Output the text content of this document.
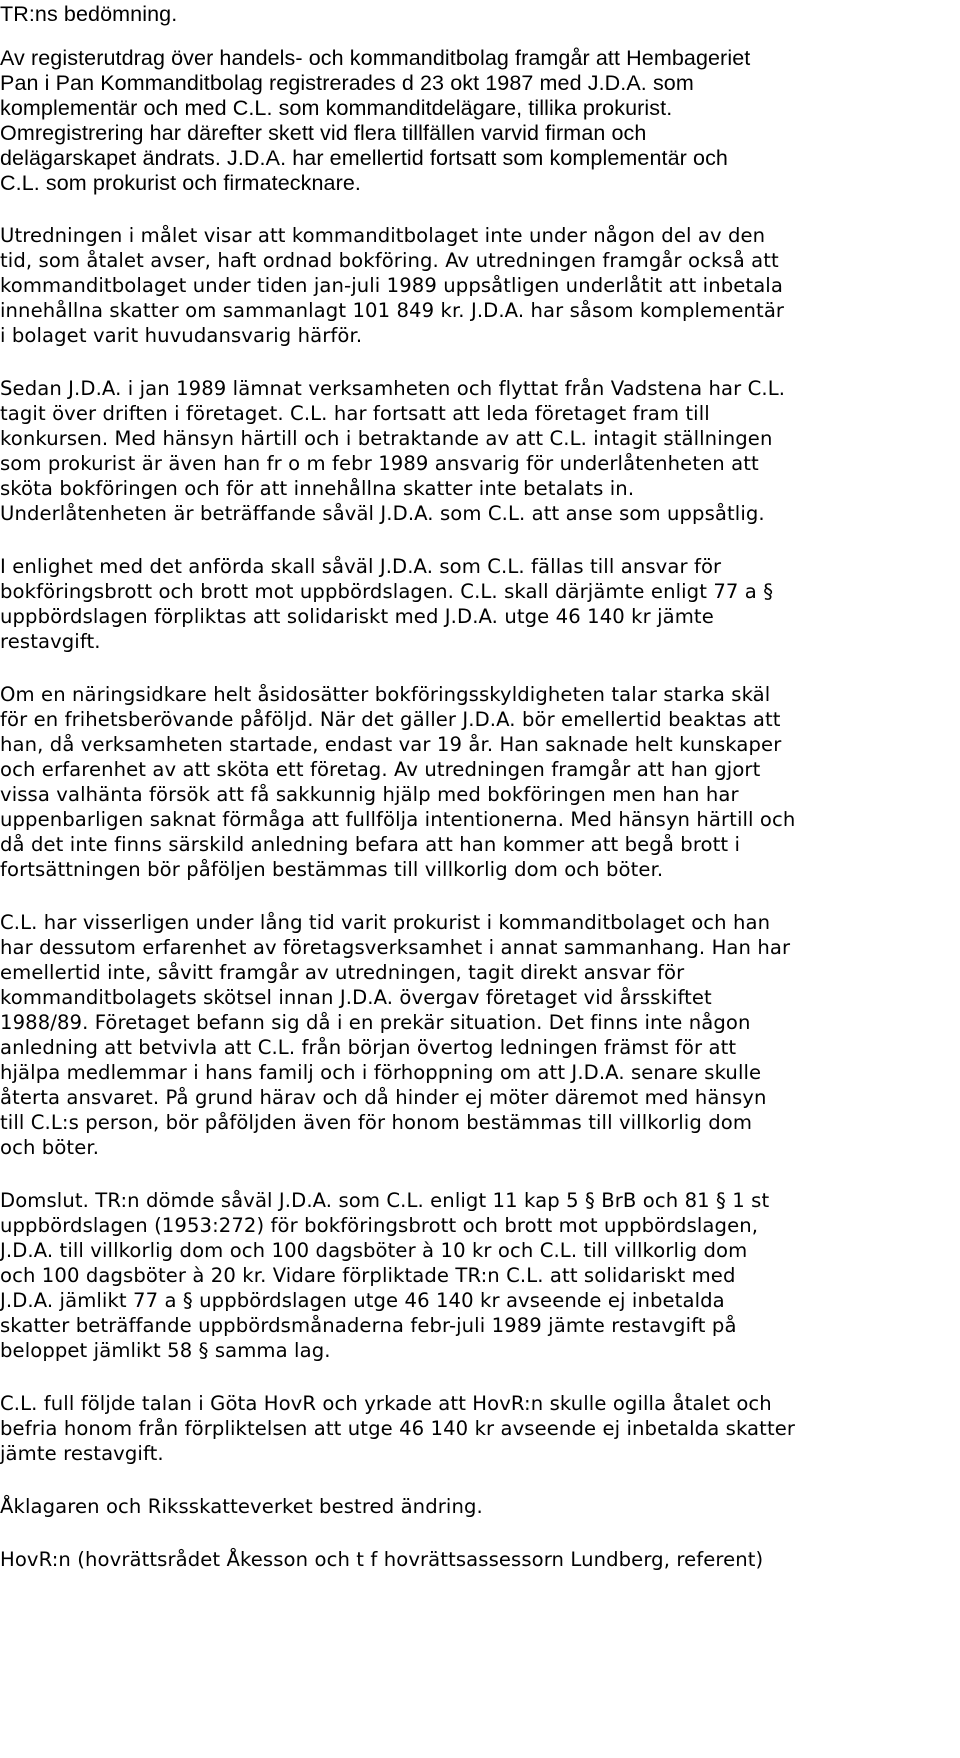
TR:ns bedömning.
Av registerutdrag över handels- och kommanditbolag framgår att Hembageriet
Pan i Pan Kommanditbolag registrerades d 23 okt 1987 med J.D.A. som
komplementär och med C.L. som kommanditdelägare, tillika prokurist.
Omregistrering har därefter skett vid flera tillfällen varvid firman och
delägarskapet ändrats. J.D.A. har emellertid fortsatt som komplementär och
C.L. som prokurist och firmatecknare.
Utredningen i målet visar att kommanditbolaget inte under någon del av den
tid, som åtalet avser, haft ordnad bokföring. Av utredningen framgår också att
kommanditbolaget under tiden jan-juli 1989 uppsåtligen underlåtit att inbetala
innehållna skatter om sammanlagt 101 849 kr. J.D.A. har såsom komplementär
i bolaget varit huvudansvarig härför.
Sedan J.D.A. i jan 1989 lämnat verksamheten och flyttat från Vadstena har C.L.
tagit över driften i företaget. C.L. har fortsatt att leda företaget fram till
konkursen. Med hänsyn härtill och i betraktande av att C.L. intagit ställningen
som prokurist är även han fr o m febr 1989 ansvarig för underlåtenheten att
sköta bokföringen och för att innehållna skatter inte betalats in.
Underlåtenheten är beträffande såväl J.D.A. som C.L. att anse som uppsåtlig.
I enlighet med det anförda skall såväl J.D.A. som C.L. fällas till ansvar för
bokföringsbrott och brott mot uppbördslagen. C.L. skall därjämte enligt 77 a §
uppbördslagen förpliktas att solidariskt med J.D.A. utge 46 140 kr jämte
restavgift.
Om en näringsidkare helt åsidosätter bokföringsskyldigheten talar starka skäl
för en frihetsberövande påföljd. När det gäller J.D.A. bör emellertid beaktas att
han, då verksamheten startade, endast var 19 år. Han saknade helt kunskaper
och erfarenhet av att sköta ett företag. Av utredningen framgår att han gjort
vissa valhänta försök att få sakkunnig hjälp med bokföringen men han har
uppenbarligen saknat förmåga att fullfölja intentionerna. Med hänsyn härtill och
då det inte finns särskild anledning befara att han kommer att begå brott i
fortsättningen bör påföljen bestämmas till villkorlig dom och böter.
C.L. har visserligen under lång tid varit prokurist i kommanditbolaget och han
har dessutom erfarenhet av företagsverksamhet i annat sammanhang. Han har
emellertid inte, såvitt framgår av utredningen, tagit direkt ansvar för
kommanditbolagets skötsel innan J.D.A. övergav företaget vid årsskiftet
1988/89. Företaget befann sig då i en prekär situation. Det finns inte någon
anledning att betvivla att C.L. från början övertog ledningen främst för att
hjälpa medlemmar i hans familj och i förhoppning om att J.D.A. senare skulle
återta ansvaret. På grund härav och då hinder ej möter däremot med hänsyn
till C.L:s person, bör påföljden även för honom bestämmas till villkorlig dom
och böter.
Domslut. TR:n dömde såväl J.D.A. som C.L. enligt 11 kap 5 § BrB och 81 § 1 st
uppbördslagen (1953:272) för bokföringsbrott och brott mot uppbördslagen,
J.D.A. till villkorlig dom och 100 dagsböter à 10 kr och C.L. till villkorlig dom
och 100 dagsböter à 20 kr. Vidare förpliktade TR:n C.L. att solidariskt med
J.D.A. jämlikt 77 a § uppbördslagen utge 46 140 kr avseende ej inbetalda
skatter beträffande uppbördsmånaderna febr-juli 1989 jämte restavgift på
beloppet jämlikt 58 § samma lag.
C.L. full följde talan i Göta HovR och yrkade att HovR:n skulle ogilla åtalet och
befria honom från förpliktelsen att utge 46 140 kr avseende ej inbetalda skatter
jämte restavgift.
Åklagaren och Riksskatteverket bestred ändring.
HovR:n (hovrättsrådet Åkesson och t f hovrättsassessorn Lundberg, referent)
